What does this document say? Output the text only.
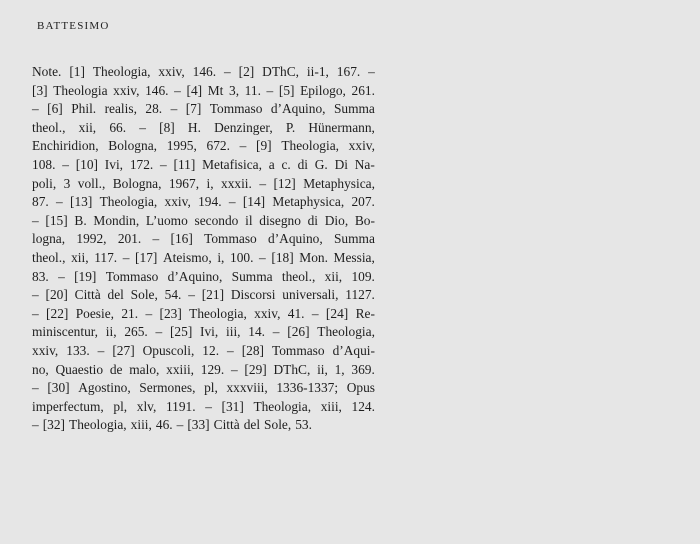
BATTESIMO
Note. [1] Theologia, xxiv, 146. – [2] DThC, ii-1, 167. –
[3] Theologia xxiv, 146. – [4] Mt 3, 11. – [5] Epilogo, 261.
– [6] Phil. realis, 28. – [7] Tommaso d’Aquino, Summa
theol., xii, 66. – [8] H. Denzinger, P. Hünermann,
Enchiridion, Bologna, 1995, 672. – [9] Theologia, xxiv,
108. – [10] Ivi, 172. – [11] Metafisica, a c. di G. Di Na-
poli, 3 voll., Bologna, 1967, i, xxxii. – [12] Metaphysica,
87. – [13] Theologia, xxiv, 194. – [14] Metaphysica, 207.
– [15] B. Mondin, L’uomo secondo il disegno di Dio, Bo-
logna, 1992, 201. – [16] Tommaso d’Aquino, Summa
theol., xii, 117. – [17] Ateismo, i, 100. – [18] Mon. Messia,
83. – [19] Tommaso d’Aquino, Summa theol., xii, 109.
– [20] Città del Sole, 54. – [21] Discorsi universali, 1127.
– [22] Poesie, 21. – [23] Theologia, xxiv, 41. – [24] Re-
miniscentur, ii, 265. – [25] Ivi, iii, 14. – [26] Theologia,
xxiv, 133. – [27] Opuscoli, 12. – [28] Tommaso d’Aqui-
no, Quaestio de malo, xxiii, 129. – [29] DThC, ii, 1, 369.
– [30] Agostino, Sermones, pl, xxxviii, 1336-1337; Opus
imperfectum, pl, xlv, 1191. – [31] Theologia, xiii, 124.
– [32] Theologia, xiii, 46. – [33] Città del Sole, 53.
